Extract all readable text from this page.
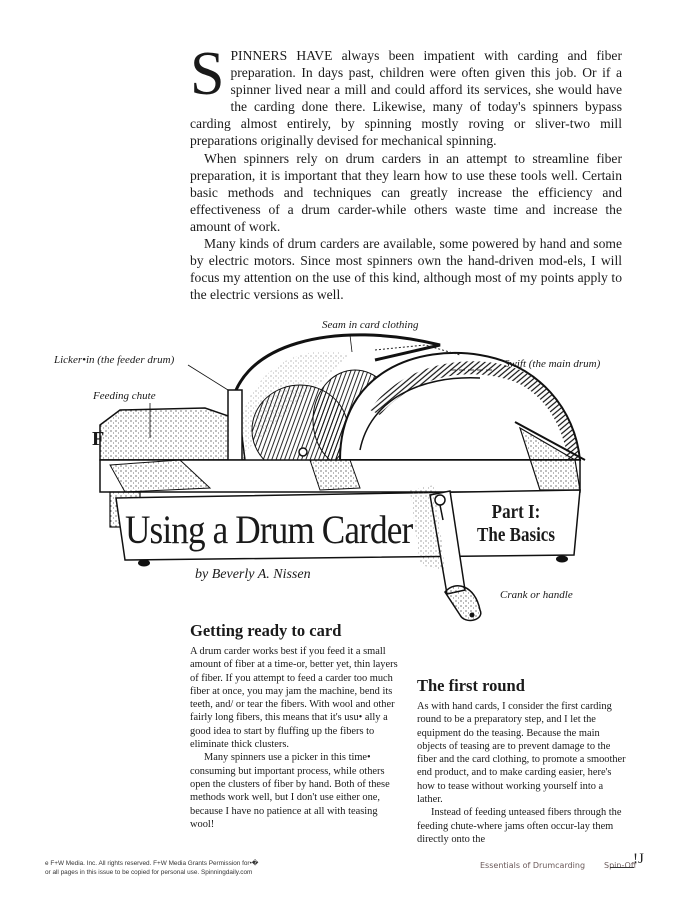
SPINNERS HAVE always been impatient with carding and fiber preparation. In days past, children were often given this job. Or if a spinner lived near a mill and could afford its services, she would have the carding done there. Likewise, many of today's spinners bypass carding almost entirely, by spinning mostly roving or sliver-two mill preparations originally devised for mechanical spinning.

When spinners rely on drum carders in an attempt to streamline fiber preparation, it is important that they learn how to use these tools well. Certain basic methods and techniques can greatly increase the efficiency and effectiveness of a drum carder-while others waste time and increase the amount of work.

Many kinds of drum carders are available, some powered by hand and some by electric motors. Since most spinners own the hand-driven mod-els, I will focus my attention on the use of this kind, although most of my points apply to the electric versions as well.

Seam in card clothing
Licker•in (the feeder drum)	Swift (the main drum)
Feeding chute
Crank or handle
F
Using a Drum Carder	Part I:
The Basics
by Beverly A. Nissen
Getting ready to card

A drum carder works best if you feed it a small amount of fiber at a time-or, better yet, thin layers of fiber. If you attempt to feed a carder too much fiber at once, you may jam the machine, bend its teeth, and/ or tear the fibers. With wool and other fairly long fibers, this means that it's usu• ally a good idea to start by fluffing up the fibers to eliminate thick clusters.

Many spinners use a picker in this time• consuming but important process, while others open the clusters of fiber by hand. Both of these methods work well, but I don't use either one, because I have no patience at all with teasing wool!

The first round

As with hand cards, I consider the first carding round to be a preparatory step, and I let the equipment do the teasing. Because the main objects of teasing are to prevent damage to the fiber and the card clothing, to promote a smoother end product, and to make carding easier, here's how to tease without working yourself into a lather.

Instead of feeding unteased fibers through the feeding chute-where jams often occur-lay them directly onto the

e F+W Media. Inc. All rights reserved. F+W Media Grants Permission for•�
or all pages in this issue to be copied for personal use. Spinningdaily.com
Essentials of Drumcarding Spin-Off
!J
